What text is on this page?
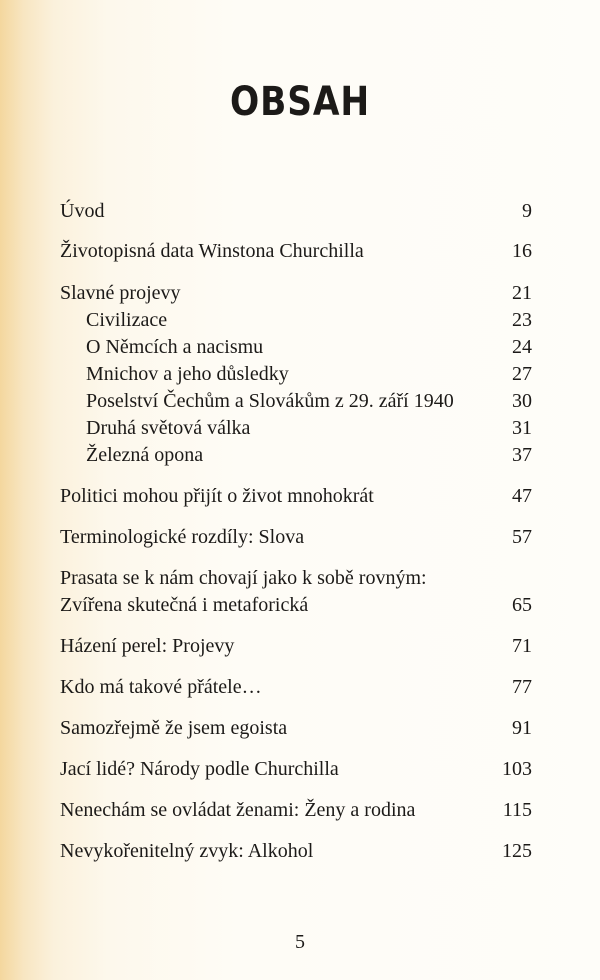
OBSAH
Úvod	9
Životopisná data Winstona Churchilla	16
Slavné projevy	21
Civilizace	23
O Němcích a nacismu	24
Mnichov a jeho důsledky	27
Poselství Čechům a Slovákům z 29. září 1940	30
Druhá světová válka	31
Železná opona	37
Politici mohou přijít o život mnohokrát	47
Terminologické rozdíly: Slova	57
Prasata se k nám chovají jako k sobě rovným:
Zvířena skutečná i metaforická	65
Házení perel: Projevy	71
Kdo má takové přátele…	77
Samozřejmě že jsem egoista	91
Jací lidé? Národy podle Churchilla	103
Nenechám se ovládat ženami: Ženy a rodina	115
Nevykořenitelný zvyk: Alkohol	125
5
